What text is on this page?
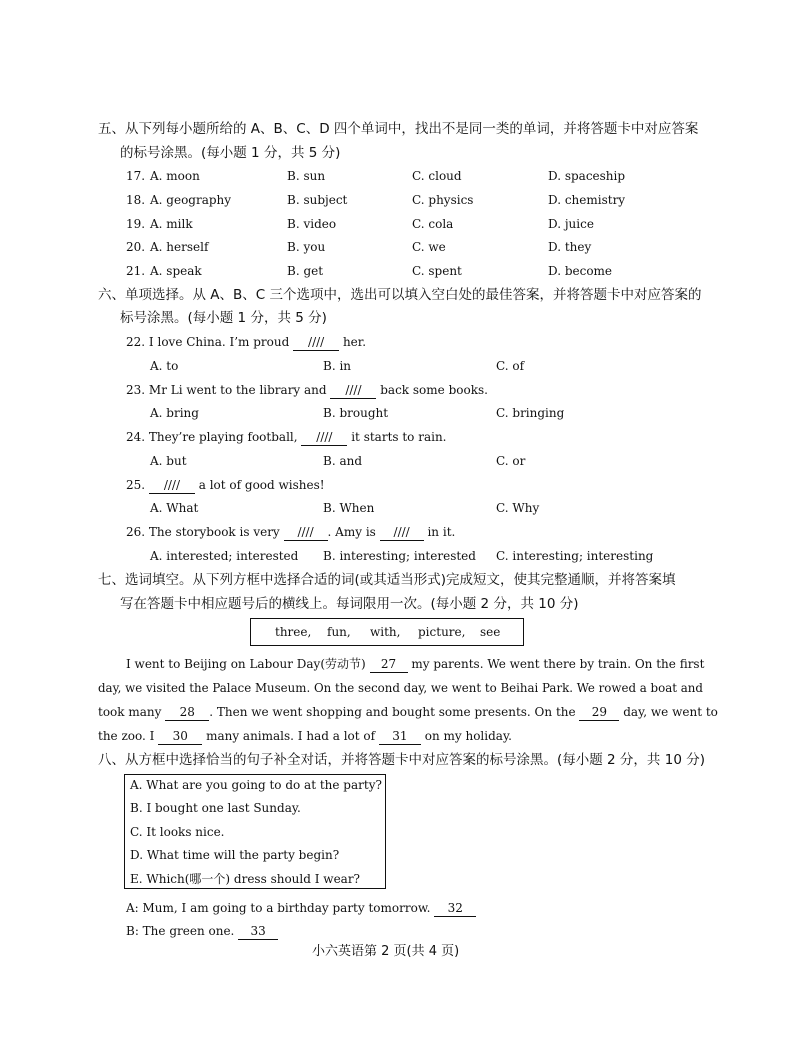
五、从下列每小题所给的 A、B、C、D 四个单词中，找出不是同一类的单词，并将答题卡中对应答案
的标号涂黑。(每小题 1 分，共 5 分)
17. A. moon	B. sun	C. cloud	D. spaceship
18. A. geography	B. subject	C. physics	D. chemistry
19. A. milk	B. video	C. cola	D. juice
20. A. herself	B. you	C. we	D. they
21. A. speak	B. get	C. spent	D. become
六、单项选择。从 A、B、C 三个选项中，选出可以填入空白处的最佳答案，并将答题卡中对应答案的
标号涂黑。(每小题 1 分，共 5 分)
22. I love China. I’m proud //// her.
A. to	B. in	C. of
23. Mr Li went to the library and //// back some books.
A. bring	B. brought	C. bringing
24. They’re playing football, //// it starts to rain.
A. but	B. and	C. or
25. //// a lot of good wishes!
A. What	B. When	C. Why
26. The storybook is very //// . Amy is //// in it.
A. interested; interested B. interesting; interested C. interesting; interesting
七、选词填空。从下列方框中选择合适的词(或其适当形式)完成短文，使其完整通顺，并将答案填
写在答题卡中相应题号后的横线上。每词限用一次。(每小题 2 分，共 10 分)
three, fun, with, picture, see
I went to Beijing on Labour Day(劳动节) 27 my parents. We went there by train. On the first
day, we visited the Palace Museum. On the second day, we went to Beihai Park. We rowed a boat and
took many 28 . Then we went shopping and bought some presents. On the 29 day, we went to
the zoo. I 30 many animals. I had a lot of 31 on my holiday.
八、从方框中选择恰当的句子补全对话，并将答题卡中对应答案的标号涂黑。(每小题 2 分，共 10 分)
A. What are you going to do at the party?
B. I bought one last Sunday.
C. It looks nice.
D. What time will the party begin?
E. Which(哪一个) dress should I wear?
A: Mum, I am going to a birthday party tomorrow. 32
B: The green one. 33
小六英语第 2 页(共 4 页)
